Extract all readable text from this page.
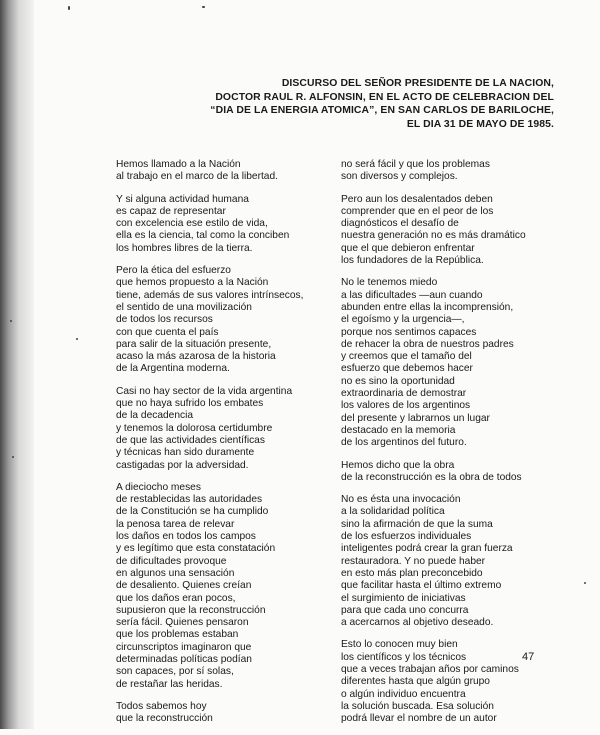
DISCURSO DEL SEÑOR PRESIDENTE DE LA NACION,
DOCTOR RAUL R. ALFONSIN, EN EL ACTO DE CELEBRACION DEL
“DIA DE LA ENERGIA ATOMICA”, EN SAN CARLOS DE BARILOCHE,
EL DIA 31 DE MAYO DE 1985.
Hemos llamado a la Nación
al trabajo en el marco de la libertad.
Y si alguna actividad humana
es capaz de representar
con excelencia ese estilo de vida,
ella es la ciencia, tal como la conciben
los hombres libres de la tierra.
Pero la ética del esfuerzo
que hemos propuesto a la Nación
tiene, además de sus valores intrínsecos,
el sentido de una movilización
de todos los recursos
con que cuenta el país
para salir de la situación presente,
acaso la más azarosa de la historia
de la Argentina moderna.
Casi no hay sector de la vida argentina
que no haya sufrido los embates
de la decadencia
y tenemos la dolorosa certidumbre
de que las actividades científicas
y técnicas han sido duramente
castigadas por la adversidad.
A dieciocho meses
de restablecidas las autoridades
de la Constitución se ha cumplido
la penosa tarea de relevar
los daños en todos los campos
y es legítimo que esta constatación
de dificultades provoque
en algunos una sensación
de desaliento. Quienes creían
que los daños eran pocos,
supusieron que la reconstrucción
sería fácil. Quienes pensaron
que los problemas estaban
circunscriptos imaginaron que
determinadas políticas podían
son capaces, por sí solas,
de restañar las heridas.
Todos sabemos hoy
que la reconstrucción
no será fácil y que los problemas
son diversos y complejos.
Pero aun los desalentados deben
comprender que en el peor de los
diagnósticos el desafío de
nuestra generación no es más dramático
que el que debieron enfrentar
los fundadores de la República.
No le tenemos miedo
a las dificultades —aun cuando
abunden entre ellas la incomprensión,
el egoísmo y la urgencia—,
porque nos sentimos capaces
de rehacer la obra de nuestros padres
y creemos que el tamaño del
esfuerzo que debemos hacer
no es sino la oportunidad
extraordinaria de demostrar
los valores de los argentinos
del presente y labrarnos un lugar
destacado en la memoria
de los argentinos del futuro.
Hemos dicho que la obra
de la reconstrucción es la obra de todos
No es ésta una invocación
a la solidaridad política
sino la afirmación de que la suma
de los esfuerzos individuales
inteligentes podrá crear la gran fuerza
restauradora. Y no puede haber
en esto más plan preconcebido
que facilitar hasta el último extremo
el surgimiento de iniciativas
para que cada uno concurra
a acercarnos al objetivo deseado.
Esto lo conocen muy bien
los científicos y los técnicos
que a veces trabajan años por caminos
diferentes hasta que algún grupo
o algún individuo encuentra
la solución buscada. Esa solución
podrá llevar el nombre de un autor
47
